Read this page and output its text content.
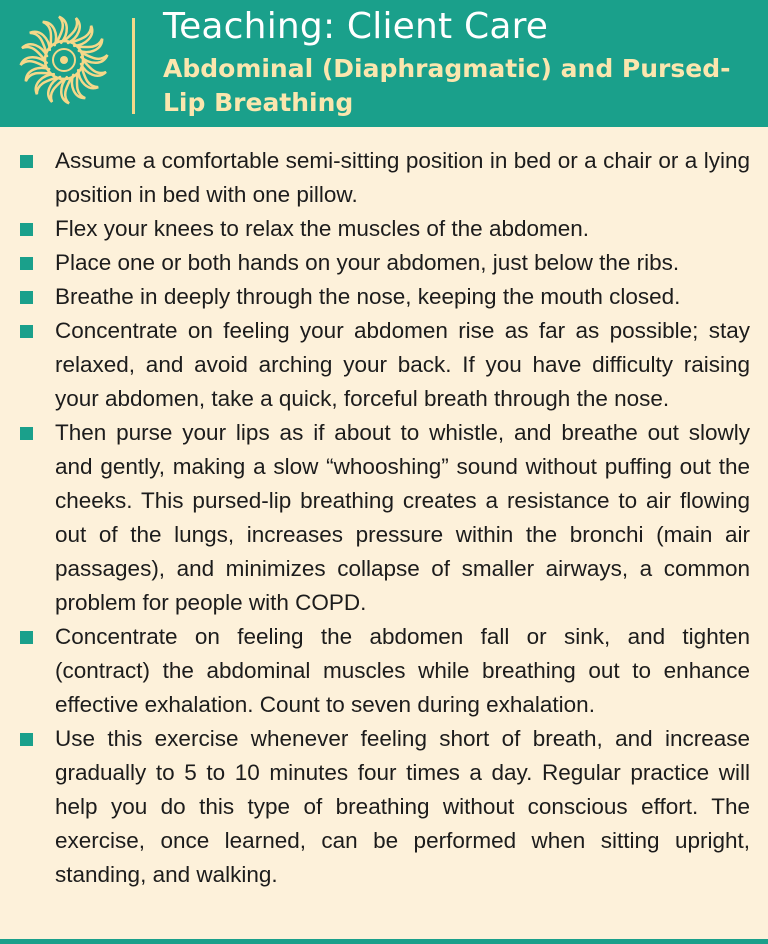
Teaching: Client Care
Abdominal (Diaphragmatic) and Pursed-Lip Breathing
Assume a comfortable semi-sitting position in bed or a chair or a lying position in bed with one pillow.
Flex your knees to relax the muscles of the abdomen.
Place one or both hands on your abdomen, just below the ribs.
Breathe in deeply through the nose, keeping the mouth closed.
Concentrate on feeling your abdomen rise as far as possible; stay relaxed, and avoid arching your back. If you have difficulty raising your abdomen, take a quick, forceful breath through the nose.
Then purse your lips as if about to whistle, and breathe out slowly and gently, making a slow “whooshing” sound without puffing out the cheeks. This pursed-lip breathing creates a resistance to air flowing out of the lungs, increases pressure within the bronchi (main air passages), and minimizes collapse of smaller airways, a common problem for people with COPD.
Concentrate on feeling the abdomen fall or sink, and tighten (contract) the abdominal muscles while breathing out to enhance effective exhalation. Count to seven during exhalation.
Use this exercise whenever feeling short of breath, and increase gradually to 5 to 10 minutes four times a day. Regular practice will help you do this type of breathing without conscious effort. The exercise, once learned, can be performed when sitting upright, standing, and walking.
